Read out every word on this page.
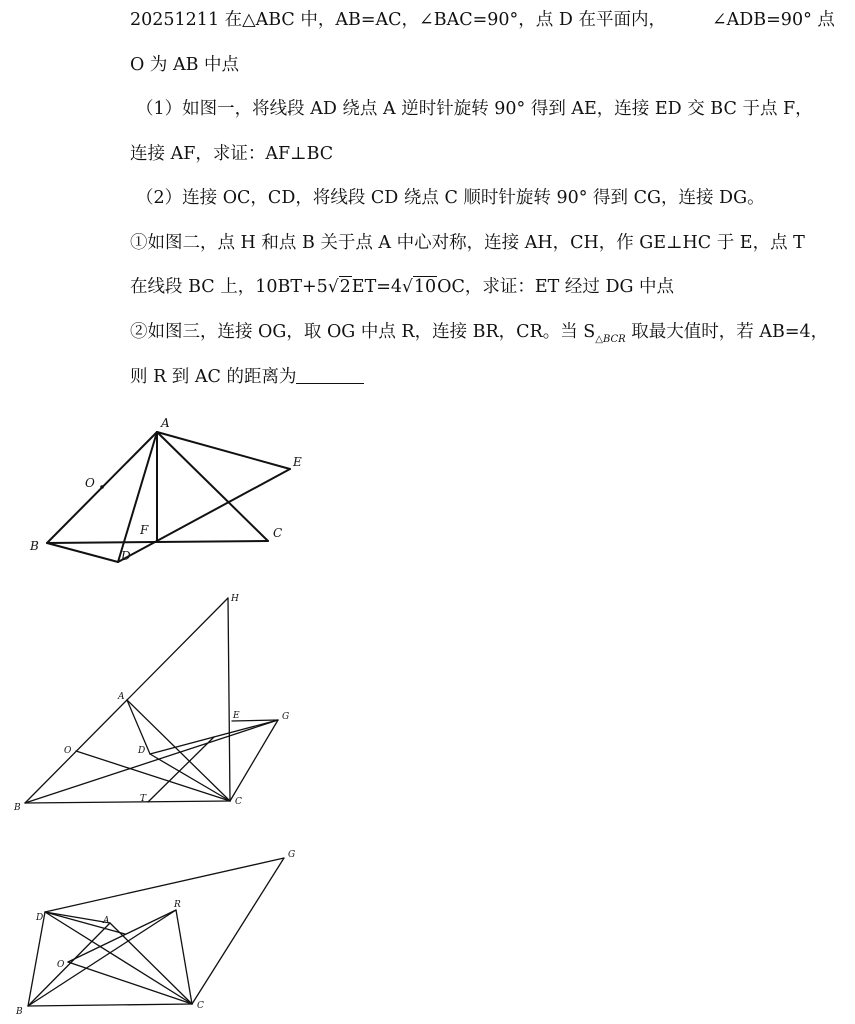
20251211 在△ABC 中，AB=AC，∠BAC=90°，点 D 在平面内，	∠ADB=90° 点
O 为 AB 中点
（1）如图一，将线段 AD 绕点 A 逆时针旋转 90° 得到 AE，连接 ED 交 BC 于点 F，
连接 AF，求证：AF⊥BC
（2）连接 OC，CD，将线段 CD 绕点 C 顺时针旋转 90° 得到 CG，连接 DG。
①如图二，点 H 和点 B 关于点 A 中心对称，连接 AH，CH，作 GE⊥HC 于 E，点 T
在线段 BC 上，10BT+5√2ET=4√10OC，求证：ET 经过 DG 中点
②如图三，连接 OG，取 OG 中点 R，连接 BR，CR。当 $S_{\triangle BCR}$ 取最大值时，若 AB=4，
则 R 到 AC 的距离为
A
E
O
F	C
B
D
H
A
E	G
O	D
B
T	C
G
D	A
R
O
B
C
